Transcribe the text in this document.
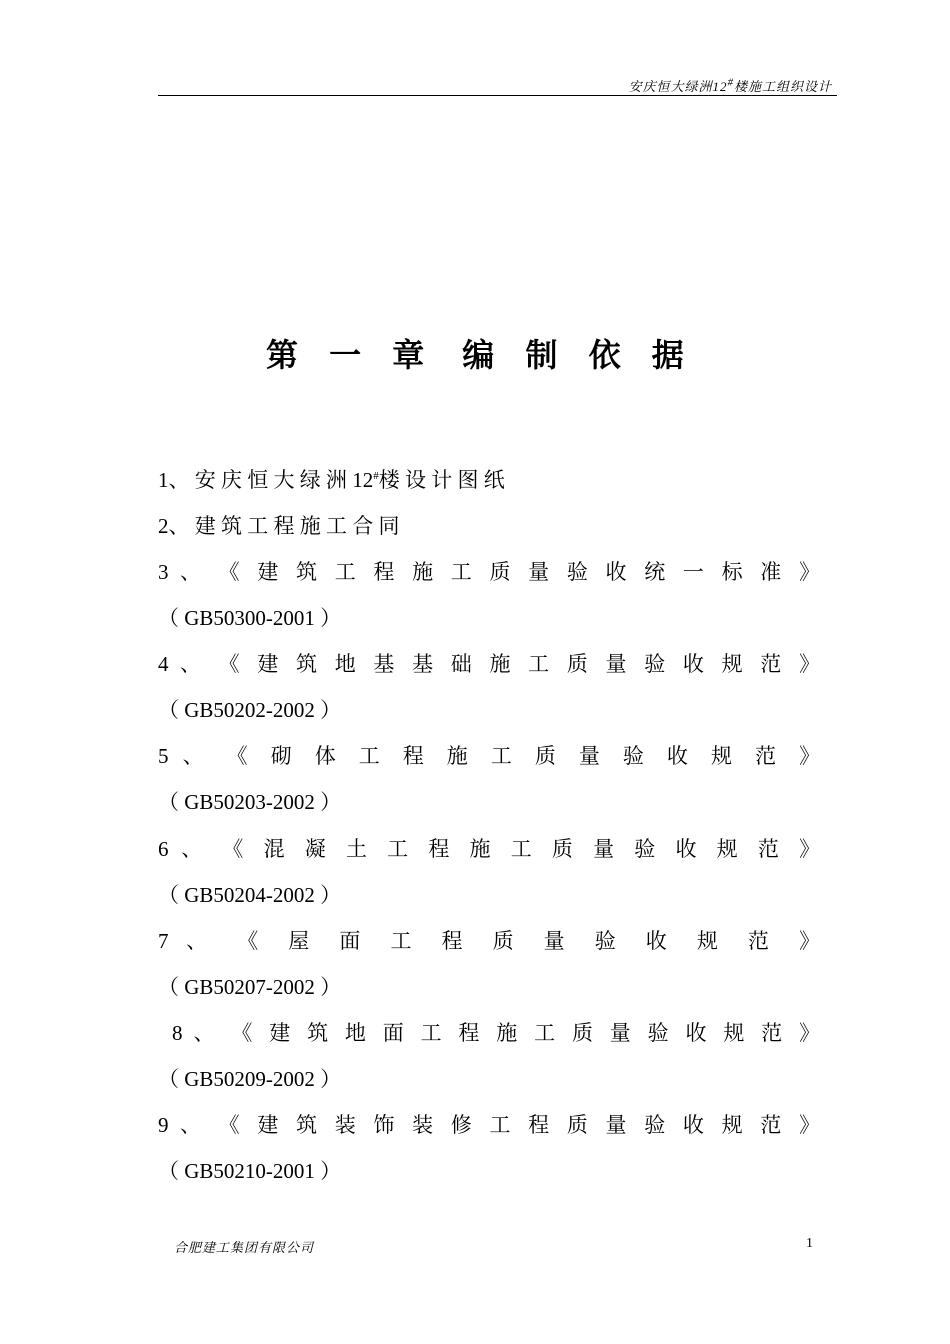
安庆恒大绿洲12#楼施工组织设计
第 一 章 编 制 依 据
1、 安 庆 恒 大 绿 洲 12#楼 设 计 图 纸
2、 建 筑 工 程 施 工 合 同
3 、 《 建 筑 工 程 施 工 质 量 验 收 统 一 标 准 》
（ GB50300-2001 ）
4 、 《 建 筑 地 基 基 础 施 工 质 量 验 收 规 范 》
（ GB50202-2002 ）
5 、 《 砌 体 工 程 施 工 质 量 验 收 规 范 》
（ GB50203-2002 ）
6 、 《 混 凝 土 工 程 施 工 质 量 验 收 规 范 》
（ GB50204-2002 ）
7 、 《 屋 面 工 程 质 量 验 收 规 范 》
（ GB50207-2002 ）
8 、 《 建 筑 地 面 工 程 施 工 质 量 验 收 规 范 》
（ GB50209-2002 ）
9 、 《 建 筑 装 饰 装 修 工 程 质 量 验 收 规 范 》
（ GB50210-2001 ）
合肥建工集团有限公司	1
